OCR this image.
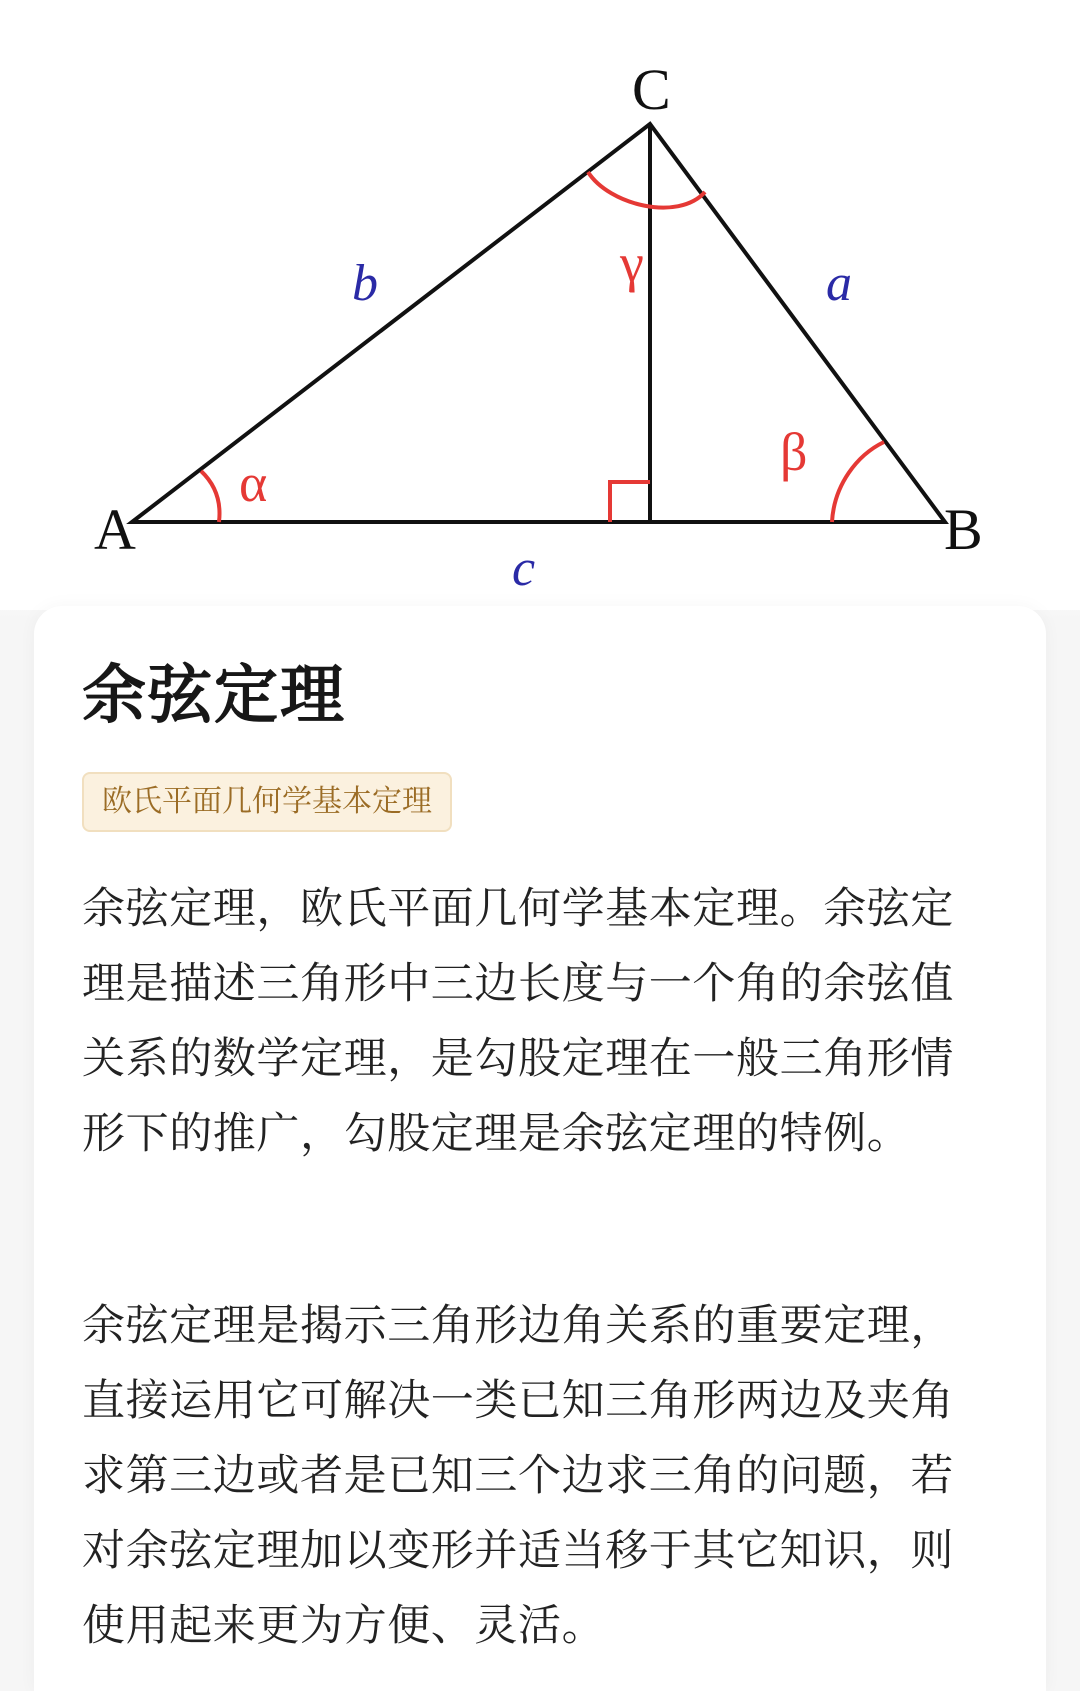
A	B
C
b	a
c
α
β
γ
余弦定理
欧氏平面几何学基本定理

余弦定理，欧氏平面几何学基本定理。余弦定理是描述三角形中三边长度与一个角的余弦值关系的数学定理，是勾股定理在一般三角形情形下的推广，勾股定理是余弦定理的特例。

余弦定理是揭示三角形边角关系的重要定理，直接运用它可解决一类已知三角形两边及夹角求第三边或者是已知三个边求三角的问题，若对余弦定理加以变形并适当移于其它知识，则使用起来更为方便、灵活。
